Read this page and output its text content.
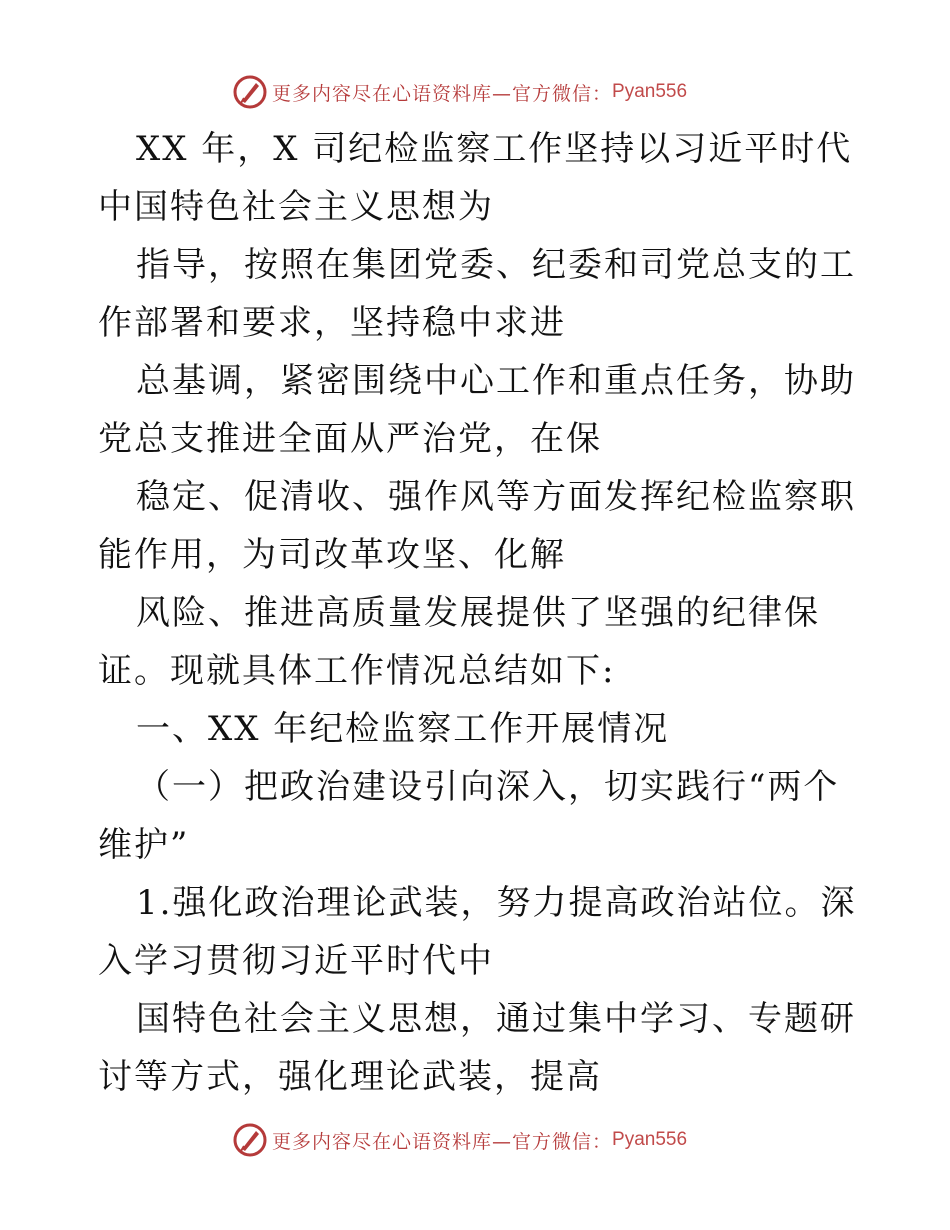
更多内容尽在心语资料库—官方微信： Pyan556

XX 年，X 司纪检监察工作坚持以习近平时代中国特色社会主义思想为

指导，按照在集团党委、纪委和司党总支的工作部署和要求，坚持稳中求进

总基调，紧密围绕中心工作和重点任务，协助党总支推进全面从严治党，在保

稳定、促清收、强作风等方面发挥纪检监察职能作用，为司改革攻坚、化解

风险、推进高质量发展提供了坚强的纪律保证。现就具体工作情况总结如下:

一、XX 年纪检监察工作开展情况

（一）把政治建设引向深入，切实践行“两个维护”

1.强化政治理论武装，努力提高政治站位。深入学习贯彻习近平时代中

国特色社会主义思想，通过集中学习、专题研讨等方式，强化理论武装，提高

更多内容尽在心语资料库—官方微信： Pyan556
